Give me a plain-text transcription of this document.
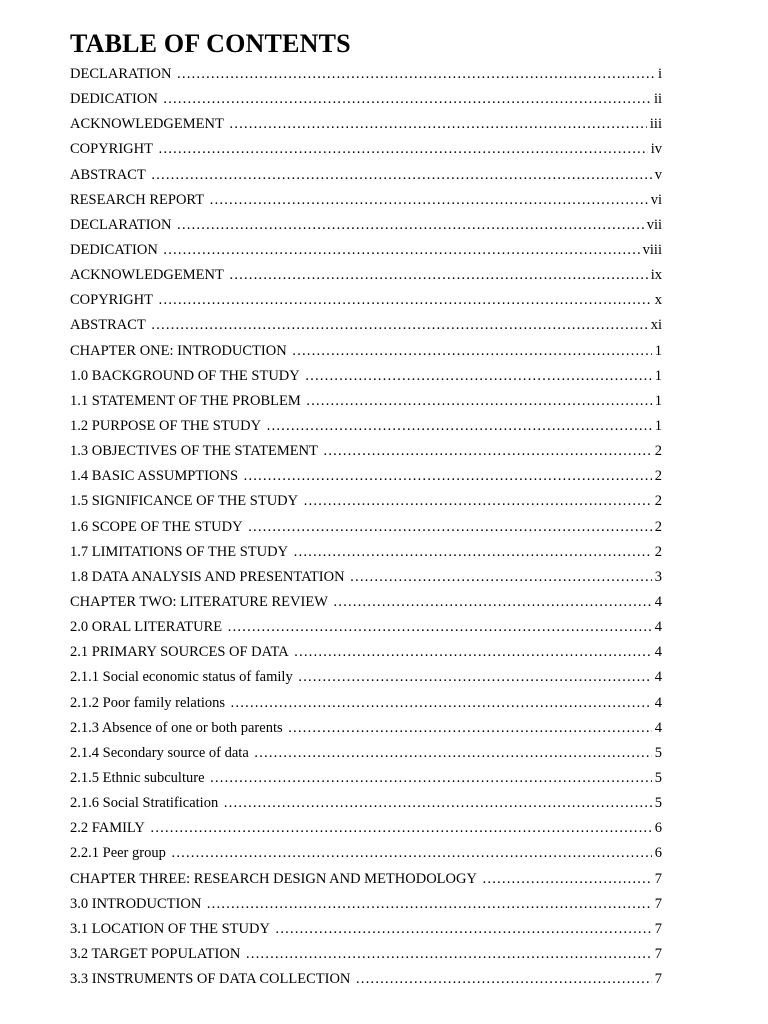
TABLE OF CONTENTS
DECLARATION …………………………………………………………………………………………………………………………………………………………………………………………………………………………	i
DEDICATION …………………………………………………………………………………………………………………………………………………………………………………………………………………………	ii
ACKNOWLEDGEMENT …………………………………………………………………………………………………………………………………………………………………………………………………………………………	iii
COPYRIGHT …………………………………………………………………………………………………………………………………………………………………………………………………………………………	iv
ABSTRACT …………………………………………………………………………………………………………………………………………………………………………………………………………………………	v
RESEARCH REPORT …………………………………………………………………………………………………………………………………………………………………………………………………………………………	vi
DECLARATION …………………………………………………………………………………………………………………………………………………………………………………………………………………………	vii
DEDICATION …………………………………………………………………………………………………………………………………………………………………………………………………………………………	viii
ACKNOWLEDGEMENT …………………………………………………………………………………………………………………………………………………………………………………………………………………………	ix
COPYRIGHT …………………………………………………………………………………………………………………………………………………………………………………………………………………………	x
ABSTRACT …………………………………………………………………………………………………………………………………………………………………………………………………………………………	xi
CHAPTER ONE: INTRODUCTION …………………………………………………………………………………………………………………………………………………………………………………………………………………………	1
1.0 BACKGROUND OF THE STUDY …………………………………………………………………………………………………………………………………………………………………………………………………………………………	1
1.1 STATEMENT OF THE PROBLEM …………………………………………………………………………………………………………………………………………………………………………………………………………………………	1
1.2 PURPOSE OF THE STUDY …………………………………………………………………………………………………………………………………………………………………………………………………………………………	1
1.3 OBJECTIVES OF THE STATEMENT …………………………………………………………………………………………………………………………………………………………………………………………………………………………	2
1.4 BASIC ASSUMPTIONS …………………………………………………………………………………………………………………………………………………………………………………………………………………………	2
1.5 SIGNIFICANCE OF THE STUDY …………………………………………………………………………………………………………………………………………………………………………………………………………………………	2
1.6 SCOPE OF THE STUDY …………………………………………………………………………………………………………………………………………………………………………………………………………………………	2
1.7 LIMITATIONS OF THE STUDY …………………………………………………………………………………………………………………………………………………………………………………………………………………………	2
1.8 DATA ANALYSIS AND PRESENTATION …………………………………………………………………………………………………………………………………………………………………………………………………………………………	3
CHAPTER TWO: LITERATURE REVIEW …………………………………………………………………………………………………………………………………………………………………………………………………………………………	4
2.0 ORAL LITERATURE …………………………………………………………………………………………………………………………………………………………………………………………………………………………	4
2.1 PRIMARY SOURCES OF DATA …………………………………………………………………………………………………………………………………………………………………………………………………………………………	4
2.1.1 Social economic status of family …………………………………………………………………………………………………………………………………………………………………………………………………………………………	4
2.1.2 Poor family relations …………………………………………………………………………………………………………………………………………………………………………………………………………………………	4
2.1.3 Absence of one or both parents …………………………………………………………………………………………………………………………………………………………………………………………………………………………	4
2.1.4 Secondary source of data …………………………………………………………………………………………………………………………………………………………………………………………………………………………	5
2.1.5 Ethnic subculture …………………………………………………………………………………………………………………………………………………………………………………………………………………………	5
2.1.6 Social Stratification …………………………………………………………………………………………………………………………………………………………………………………………………………………………	5
2.2 FAMILY …………………………………………………………………………………………………………………………………………………………………………………………………………………………	6
2.2.1 Peer group …………………………………………………………………………………………………………………………………………………………………………………………………………………………	6
CHAPTER THREE: RESEARCH DESIGN AND METHODOLOGY …………………………………………………………………………………………………………………………………………………………………………………………………………………………	7
3.0 INTRODUCTION …………………………………………………………………………………………………………………………………………………………………………………………………………………………	7
3.1 LOCATION OF THE STUDY …………………………………………………………………………………………………………………………………………………………………………………………………………………………	7
3.2 TARGET POPULATION …………………………………………………………………………………………………………………………………………………………………………………………………………………………	7
3.3 INSTRUMENTS OF DATA COLLECTION …………………………………………………………………………………………………………………………………………………………………………………………………………………………	7
